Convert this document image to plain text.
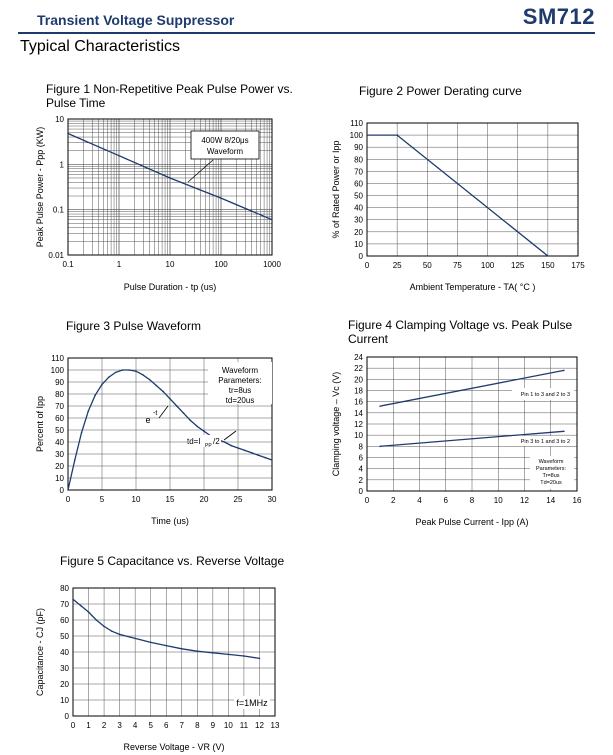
Transient Voltage Suppressor	SM712
Typical Characteristics
Figure 1 Non-Repetitive Peak Pulse Power vs. Pulse Time
Figure 2 Power Derating curve
Figure 3 Pulse Waveform	Figure 4 Clamping Voltage vs. Peak Pulse Current
Figure 5 Capacitance vs. Reverse Voltage
0.1	1	10	100	1000
0.01
0.1
1
10
Pulse Duration - tp (us)
Peak Pulse Power - Ppp (KW)	400W 8/20μs
Waveform
0	25	50	75 100 125 150 175
0
10
20
30
40
50
60
70
80
90
100
110
Ambient Temperature - TA( °C )
% of Rated Power or Ipp
0	5	10	15	20	25	30
0
10
20
30
40
50
60
70
80
90
100
110
Time (us)
Percent of Ipp
Waveform
Parameters:
tr=8us
td=20us
e
-t
td=I PP /2
0	2	4	6	8 10 12 14 16
0
2
4
6
8
10
12
14
16
18
20
22
24
Peak Pulse Current - Ipp (A)
Clamping voltage – Vc (V)	Pin 1 to 3 and 2 to 3
Pin 3 to 1 and 3 to 2
Waveform
Parameters:
Tr=8us
Td=20us
0 1 2 3 4 5 6 7 8 9 10 11 12 13
0
10
20
30
40
50
60
70
80
Reverse Voltage - VR (V)
Capacitance - CJ (pF)
f=1MHz
